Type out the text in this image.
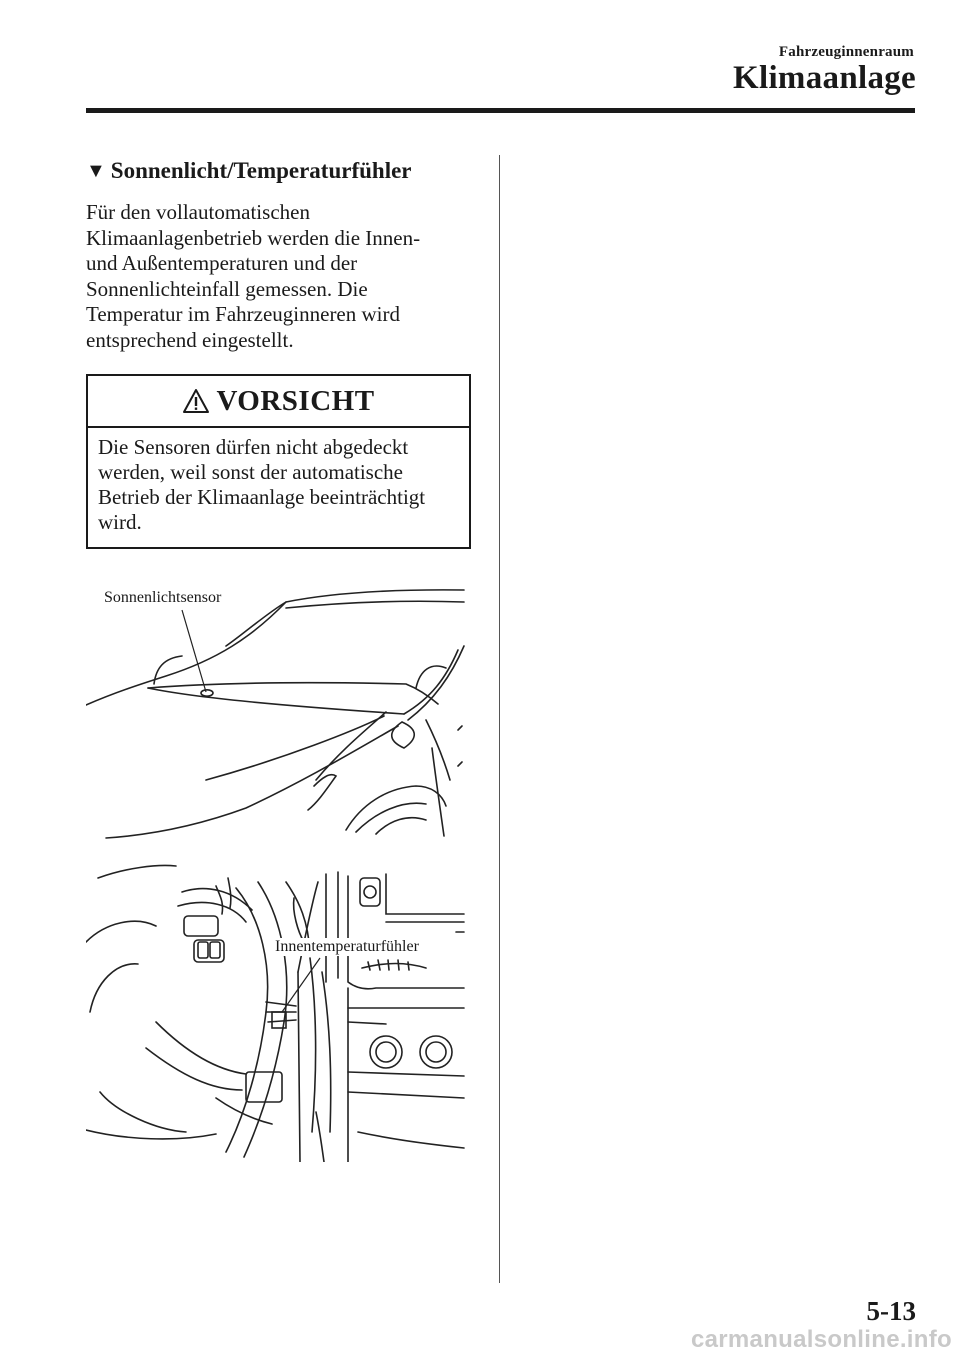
Fahrzeuginnenraum
Klimaanlage
▼ Sonnenlicht/Temperaturfühler

Für den vollautomatischen
Klimaanlagenbetrieb werden die Innen-
und Außentemperaturen und der
Sonnenlichteinfall gemessen. Die
Temperatur im Fahrzeuginneren wird
entsprechend eingestellt.

VORSICHT

Die Sensoren dürfen nicht abgedeckt
werden, weil sonst der automatische
Betrieb der Klimaanlage beeinträchtigt
wird.

Sonnenlichtsensor
Innentemperaturfühler
5-13
carmanualsonline.info
